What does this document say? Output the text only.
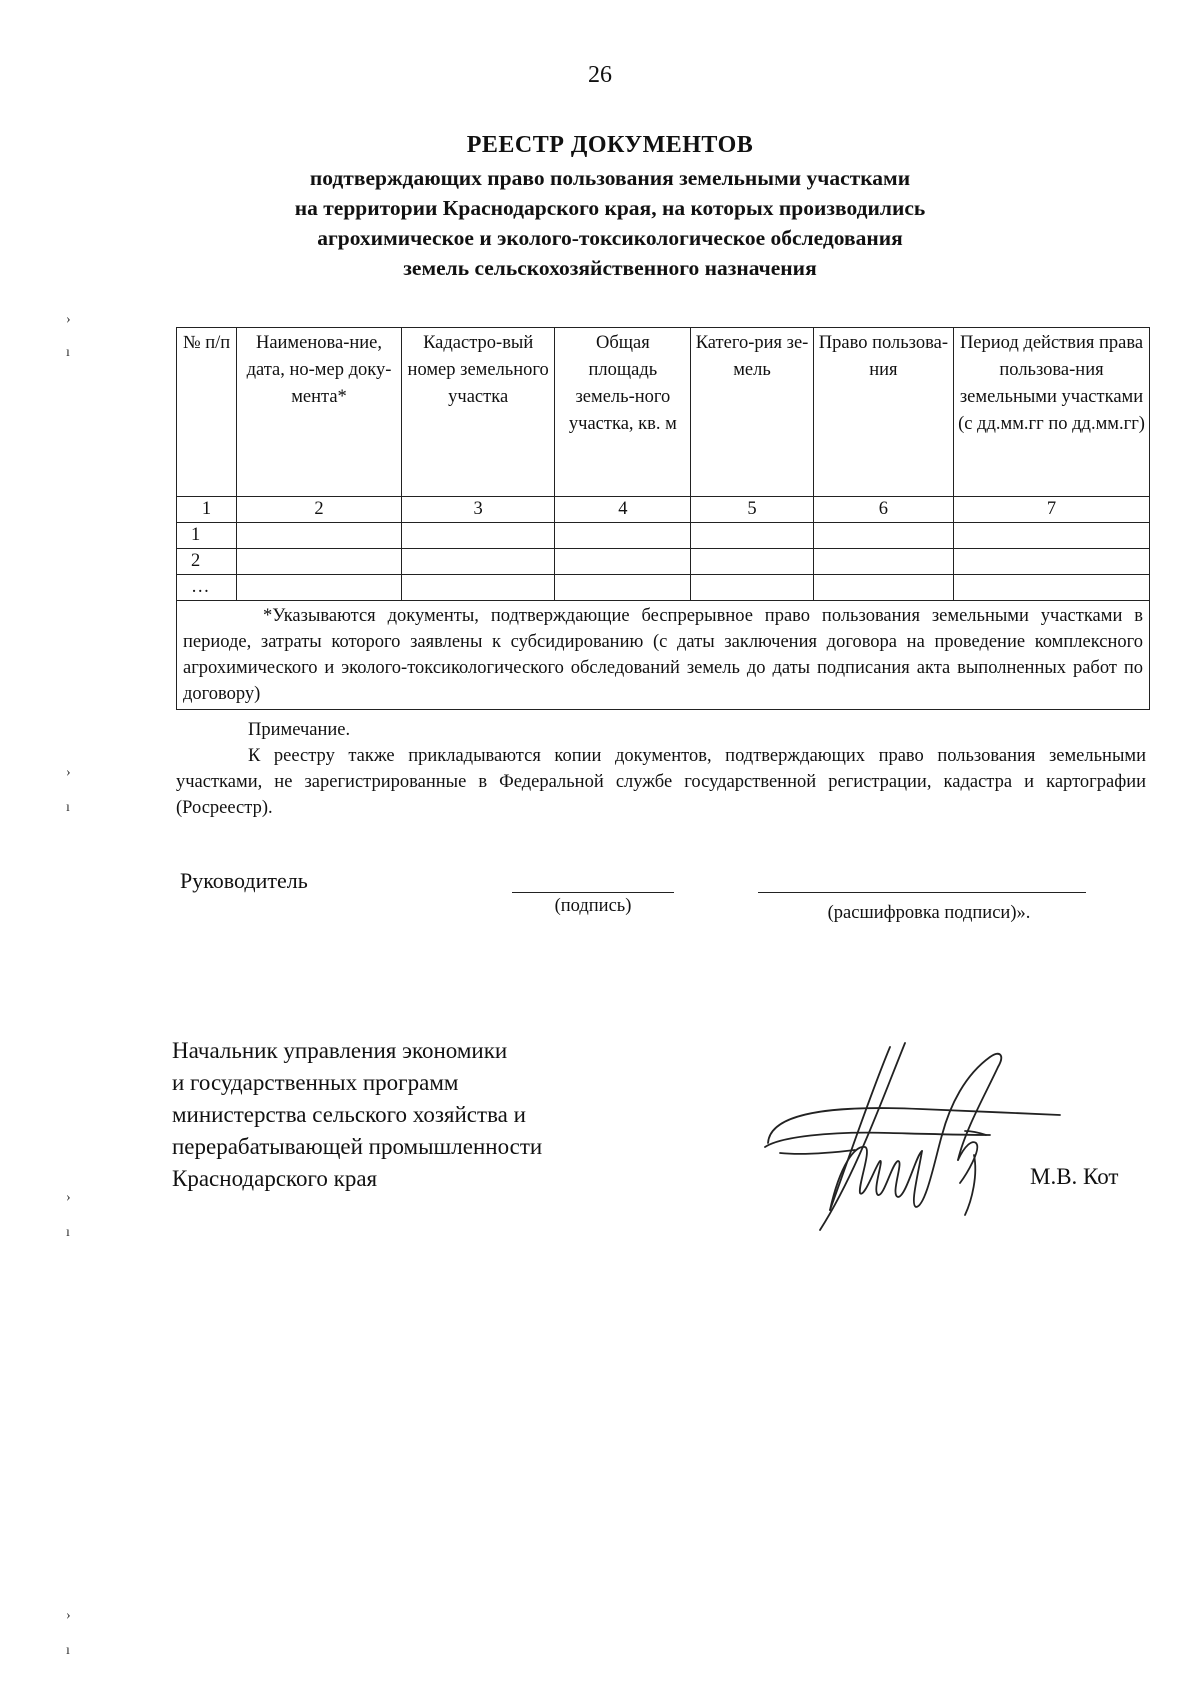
26
РЕЕСТР ДОКУМЕНТОВ
подтверждающих право пользования земельными участками
на территории Краснодарского края, на которых производились
агрохимическое и эколого-токсикологическое обследования
земель сельскохозяйственного назначения
№ п/п	Наименова-ние, дата, но-мер доку-мента*	Кадастро-вый номер земельного участка	Общая площадь земель-ного участка, кв. м	Катего-рия зе-мель	Право пользова-ния	Период действия права пользова-ния земельными участками (с дд.мм.гг по дд.мм.гг)
1	2	3	4	5	6	7
1						
2						
…						

*Указываются документы, подтверждающие беспрерывное право пользования земельными участками в периоде, затраты которого заявлены к субсидированию (с даты заключения договора на проведение комплексного агрохимического и эколого-токсикологического обследований земель до даты подписания акта выполненных работ по договору)						
Примечание.
К реестру также прикладываются копии документов, подтверждающих право пользования земельными участками, не зарегистрированные в Федеральной службе государственной регистрации, кадастра и картографии (Росреестр).
Руководитель
(подпись)	(расшифровка подписи)».
Начальник управления экономики
и государственных программ
министерства сельского хозяйства и
перерабатывающей промышленности
Краснодарского края	М.В. Кот
›
ı
›
ı
›
ı
›
ı
